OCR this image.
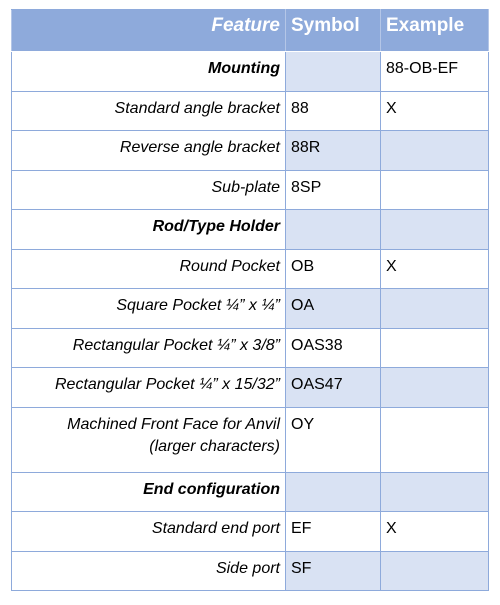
Feature	Symbol	Example
Mounting		88-OB-EF
Standard angle bracket	88	X
Reverse angle bracket	88R	
Sub-plate	8SP	
Rod/Type Holder		
Round Pocket	OB	X
Square Pocket ¼” x ¼”	OA	
Rectangular Pocket ¼” x 3/8”	OAS38	
Rectangular Pocket ¼” x 15/32”	OAS47	
Machined Front Face for Anvil (larger characters)	OY	
End configuration		
Standard end port	EF	X
Side port	SF	
